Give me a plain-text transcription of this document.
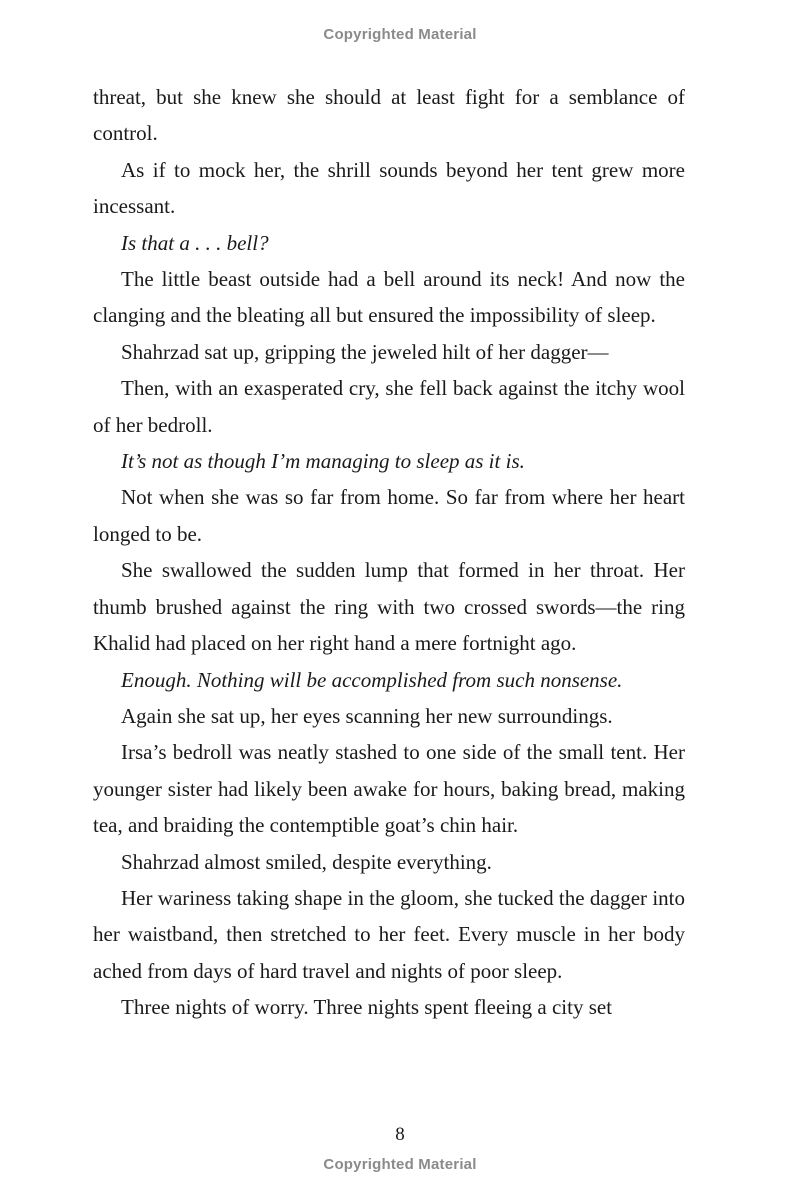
Copyrighted Material

threat, but she knew she should at least fight for a semblance of control.

As if to mock her, the shrill sounds beyond her tent grew more incessant.

Is that a . . . bell?

The little beast outside had a bell around its neck! And now the clanging and the bleating all but ensured the impossibility of sleep.

Shahrzad sat up, gripping the jeweled hilt of her dagger—

Then, with an exasperated cry, she fell back against the itchy wool of her bedroll.

It’s not as though I’m managing to sleep as it is.

Not when she was so far from home. So far from where her heart longed to be.

She swallowed the sudden lump that formed in her throat. Her thumb brushed against the ring with two crossed swords—the ring Khalid had placed on her right hand a mere fortnight ago.

Enough. Nothing will be accomplished from such nonsense.

Again she sat up, her eyes scanning her new surroundings.

Irsa’s bedroll was neatly stashed to one side of the small tent. Her younger sister had likely been awake for hours, baking bread, making tea, and braiding the contemptible goat’s chin hair.

Shahrzad almost smiled, despite everything.

Her wariness taking shape in the gloom, she tucked the dagger into her waistband, then stretched to her feet. Every muscle in her body ached from days of hard travel and nights of poor sleep.

Three nights of worry. Three nights spent fleeing a city set

8
Copyrighted Material
